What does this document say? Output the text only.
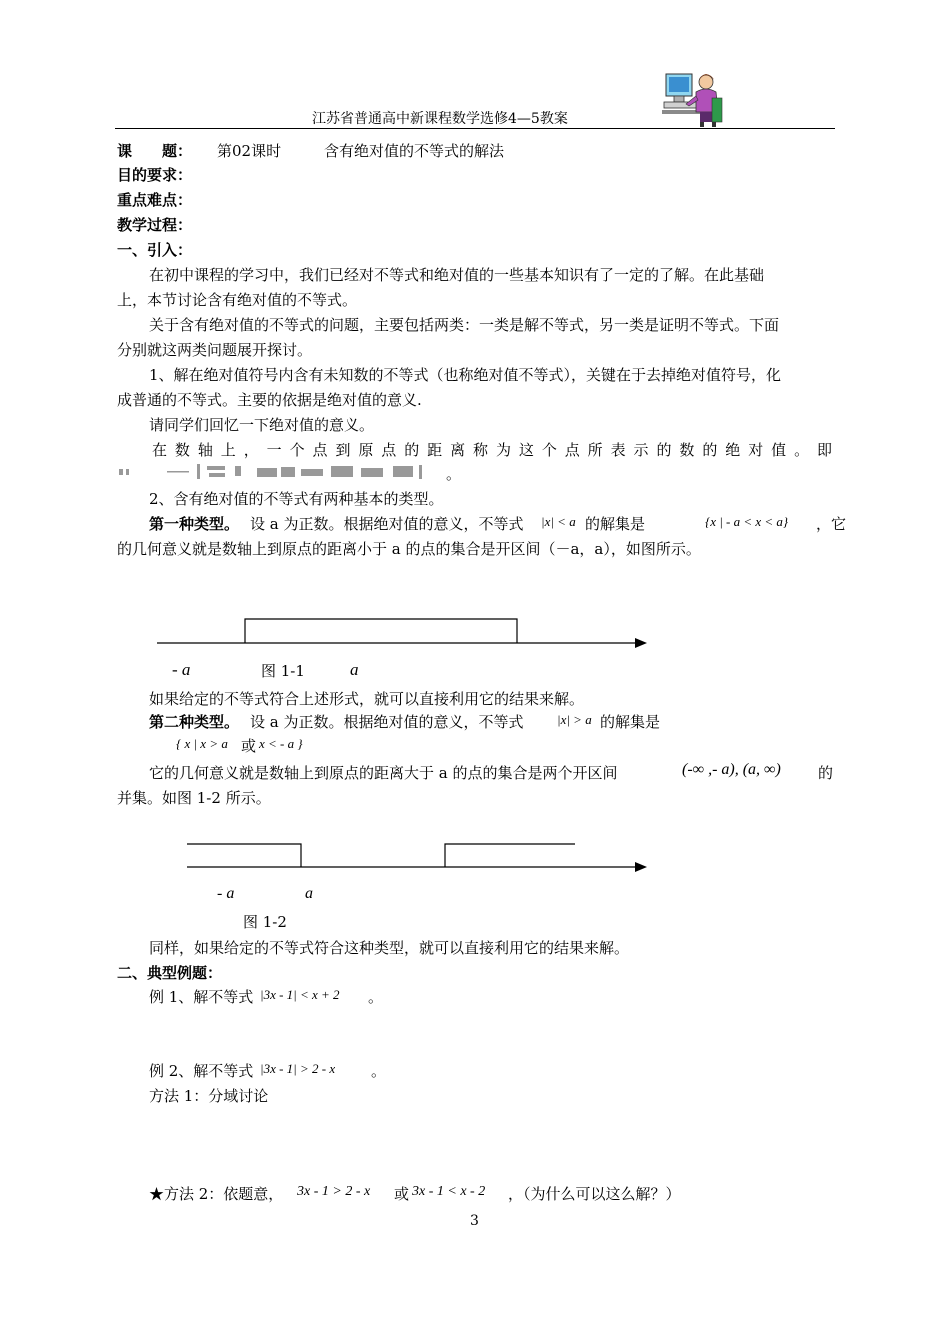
江苏省普通高中新课程数学选修4—5教案
课　　题： 第02课时	含有绝对值的不等式的解法
目的要求：
重点难点：
教学过程：
一、引入：
在初中课程的学习中，我们已经对不等式和绝对值的一些基本知识有了一定的了解。在此基础
上，本节讨论含有绝对值的不等式。
关于含有绝对值的不等式的问题，主要包括两类：一类是解不等式，另一类是证明不等式。下面
分别就这两类问题展开探讨。
1、解在绝对值符号内含有未知数的不等式（也称绝对值不等式），关键在于去掉绝对值符号，化
成普通的不等式。主要的依据是绝对值的意义.
请同学们回忆一下绝对值的意义。
在 数 轴 上 ， 一 个 点 到 原 点 的 距 离 称 为 这 个 点 所 表 示 的 数 的 绝 对 值 。 即
。
2、含有绝对值的不等式有两种基本的类型。
第一种类型。 设 a 为正数。根据绝对值的意义，不等式 |x| < a 的解集是	{x | - a < x < a} ，它
的几何意义就是数轴上到原点的距离小于 a 的点的集合是开区间（－a，a），如图所示。
- a	图 1-1	a
如果给定的不等式符合上述形式，就可以直接利用它的结果来解。
第二种类型。 设 a 为正数。根据绝对值的意义，不等式	|x| > a 的解集是
{ x | x > a 或 x < - a }
它的几何意义就是数轴上到原点的距离大于 a 的点的集合是两个开区间	(-∞ ,- a), (a, ∞) 的
并集。如图 1-2 所示。
- a	a
图 1-2
同样，如果给定的不等式符合这种类型，就可以直接利用它的结果来解。
二、典型例题：
例 1、解不等式 |3x - 1| < x + 2 。
例 2、解不等式 |3x - 1| > 2 - x 。
方法 1：分域讨论
★方法 2：依题意， 3x - 1 > 2 - x 或 3x - 1 < x - 2 ，（为什么可以这么解？）
3
